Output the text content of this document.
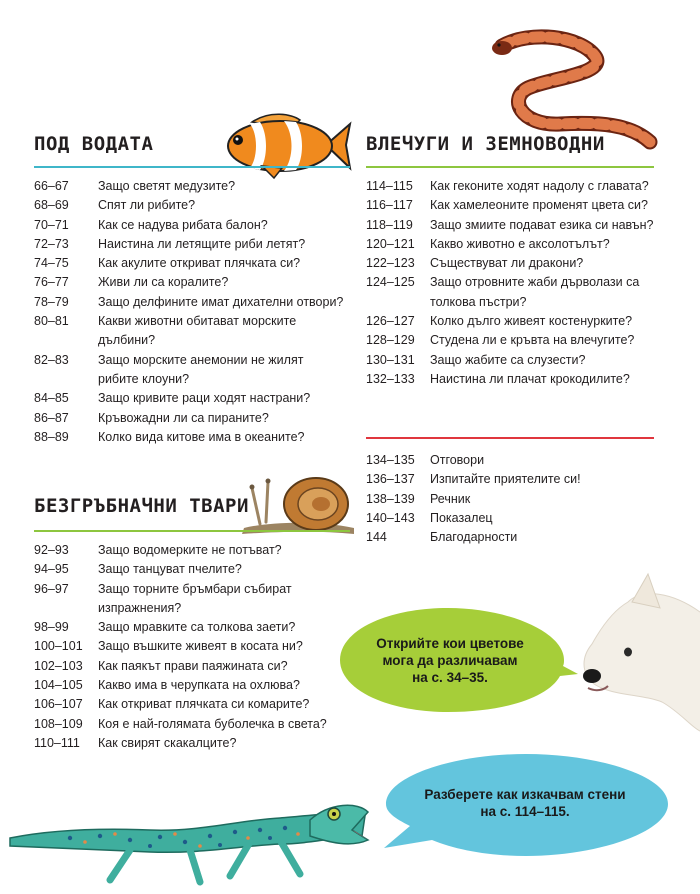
ПОД ВОДАТА
66–67	Защо светят медузите?
68–69	Спят ли рибите?
70–71	Как се надува рибата балон?
72–73	Наистина ли летящите риби летят?
74–75	Как акулите откриват плячката си?
76–77	Живи ли са коралите?
78–79	Защо делфините имат дихателни отвори?
80–81	Какви животни обитават морските
дълбини?
82–83	Защо морските анемонии не жилят
рибите клоуни?
84–85	Защо кривите раци ходят настрани?
86–87	Кръвожадни ли са пираните?
88–89	Колко вида китове има в океаните?
ВЛЕЧУГИ И ЗЕМНОВОДНИ
114–115	Как геконите ходят надолу с главата?
116–117	Как хамелеоните променят цвета си?
118–119	Защо змиите подават езика си навън?
120–121	Какво животно е аксолотълът?
122–123	Съществуват ли дракони?
124–125	Защо отровните жаби дърволази са
толкова пъстри?
126–127	Колко дълго живеят костенурките?
128–129	Студена ли е кръвта на влечугите?
130–131	Защо жабите са слузести?
132–133	Наистина ли плачат крокодилите?
134–135	Отговори
136–137	Изпитайте приятелите си!
138–139	Речник
140–143	Показалец
144	Благодарности
БЕЗГРЪБНАЧНИ ТВАРИ
92–93	Защо водомерките не потъват?
94–95	Защо танцуват пчелите?
96–97	Защо торните бръмбари събират
изпражнения?
98–99	Защо мравките са толкова заети?
100–101	Защо въшките живеят в косата ни?
102–103	Как паякът прави паяжината си?
104–105	Какво има в черупката на охлюва?
106–107	Как откриват плячката си комарите?
108–109	Коя е най-голямата буболечка в света?
110–111	Как свирят скакалците?
Открийте кои цветове
мога да различавам
на с. 34–35.
Разберете как изкачвам стени
на с. 114–115.
